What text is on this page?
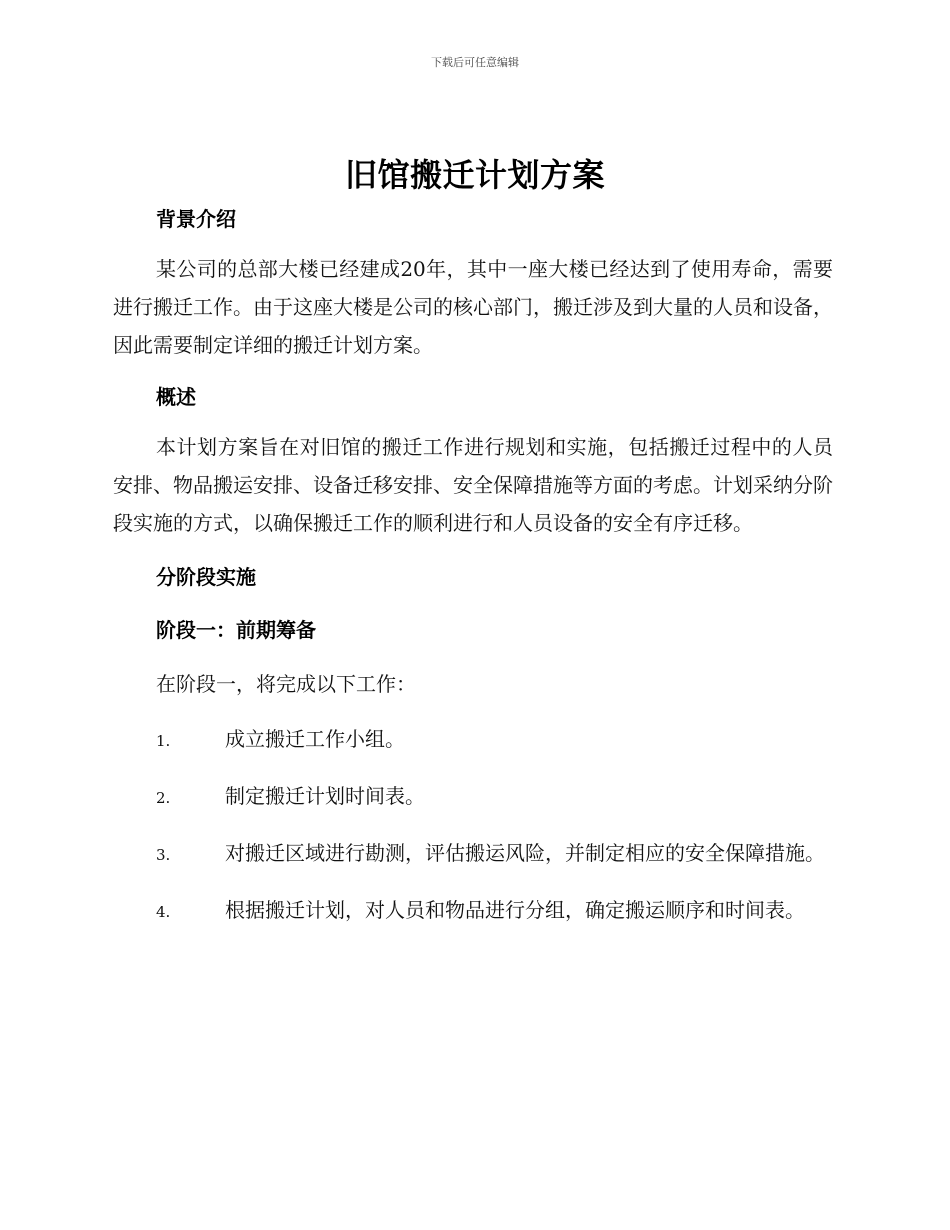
下载后可任意编辑
旧馆搬迁计划方案
背景介绍

某公司的总部大楼已经建成20年，其中一座大楼已经达到了使用寿命，需要进行搬迁工作。由于这座大楼是公司的核心部门，搬迁涉及到大量的人员和设备，因此需要制定详细的搬迁计划方案。

概述

本计划方案旨在对旧馆的搬迁工作进行规划和实施，包括搬迁过程中的人员安排、物品搬运安排、设备迁移安排、安全保障措施等方面的考虑。计划采纳分阶段实施的方式，以确保搬迁工作的顺利进行和人员设备的安全有序迁移。

分阶段实施
阶段一：前期筹备

在阶段一，将完成以下工作：

1.	成立搬迁工作小组。

2.	制定搬迁计划时间表。

3.	对搬迁区域进行勘测，评估搬运风险，并制定相应的安全保障措施。

4.	根据搬迁计划，对人员和物品进行分组，确定搬运顺序和时间表。
